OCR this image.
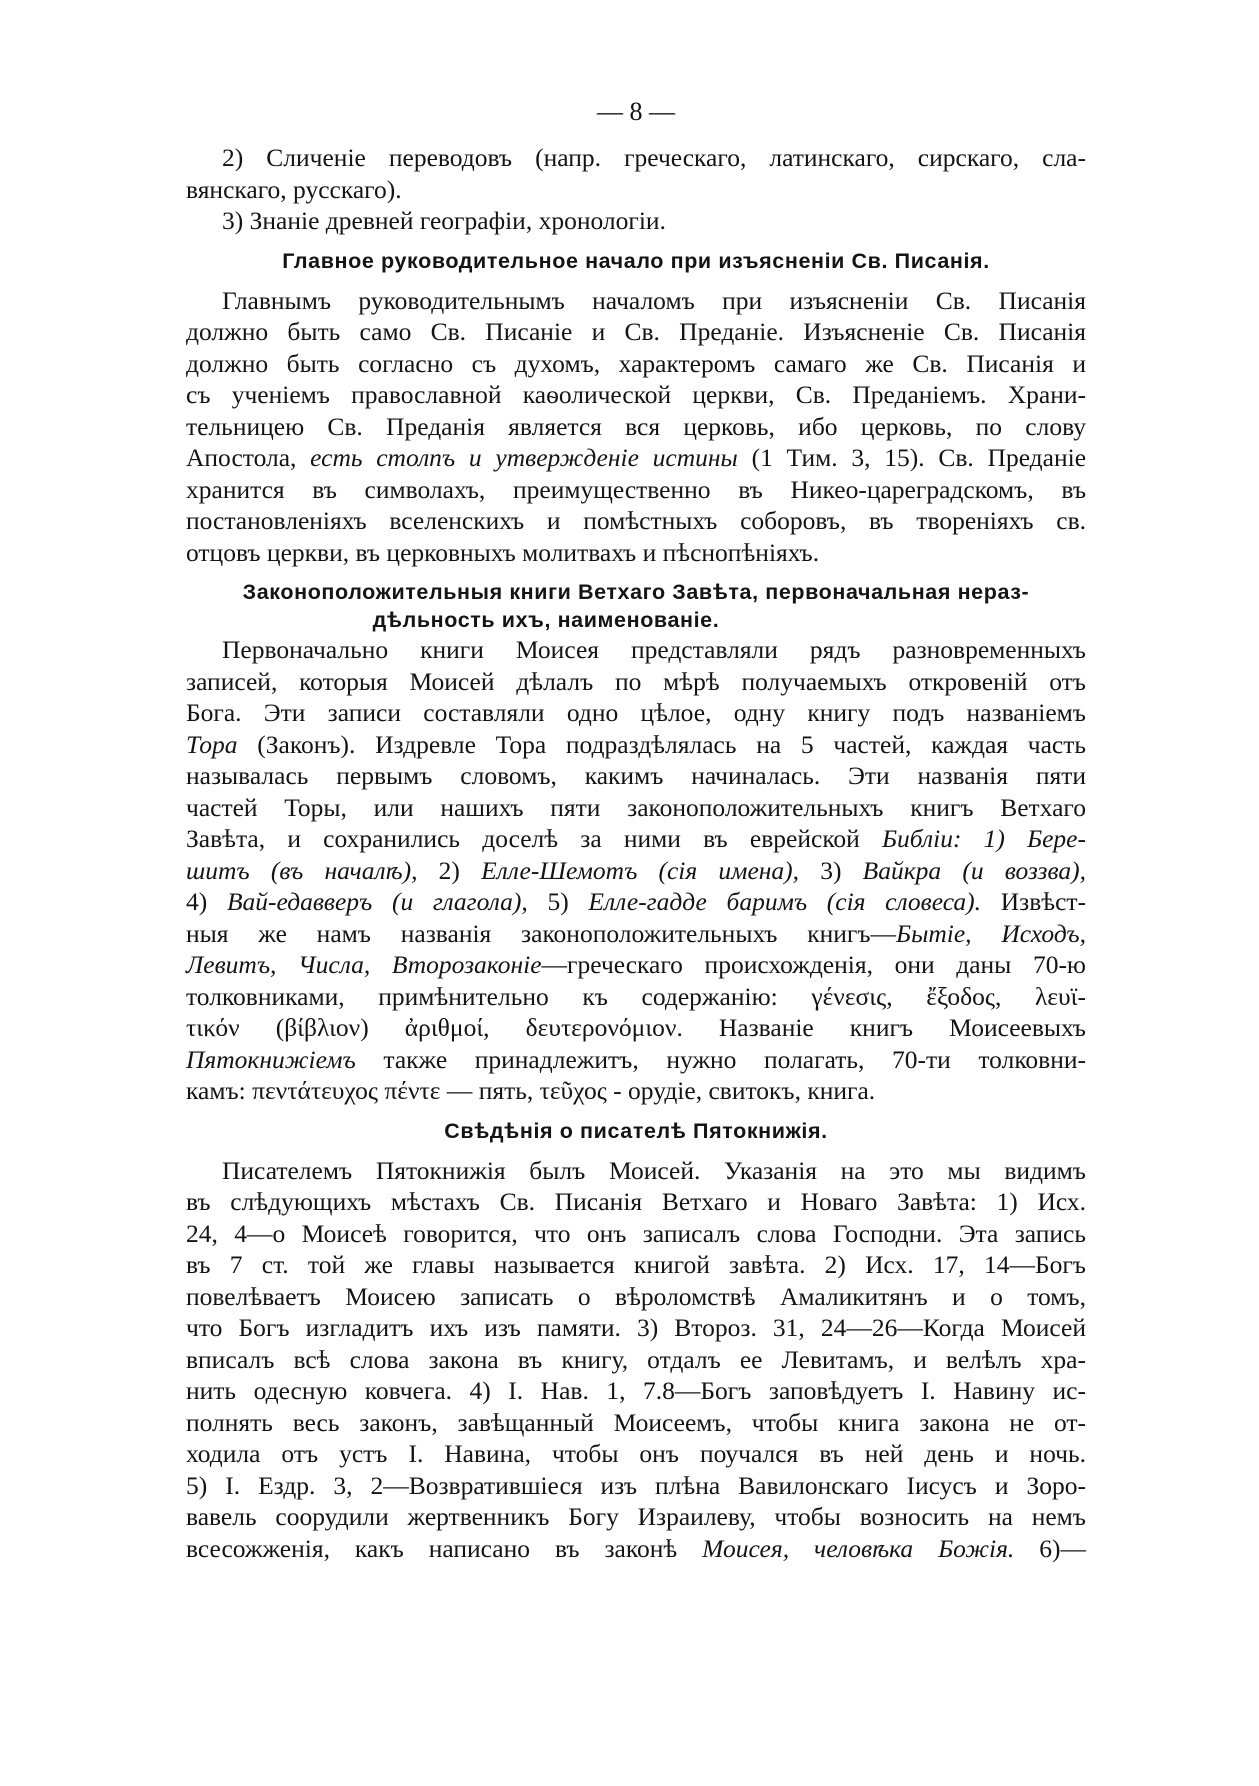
— 8 —
2) Сличеніе переводовъ (напр. греческаго, латинскаго, сирскаго, сла-
вянскаго, русскаго).
3) Знаніе древней географіи, хронологіи.
Главное руководительное начало при изъясненіи Св. Писанія.
Главнымъ руководительнымъ началомъ при изъясненіи Св. Писанія
должно быть само Св. Писаніе и Св. Преданіе. Изъясненіе Св. Писанія
должно быть согласно съ духомъ, характеромъ самаго же Св. Писанія и
съ ученіемъ православной каѳолической церкви, Св. Преданіемъ. Храни-
тельницею Св. Преданія является вся церковь, ибо церковь, по слову
Апостола, есть столпъ и утвержденіе истины (1 Тим. 3, 15). Св. Преданіе
хранится въ символахъ, преимущественно въ Никео-цареградскомъ, въ
постановленіяхъ вселенскихъ и помѣстныхъ соборовъ, въ твореніяхъ св.
отцовъ церкви, въ церковныхъ молитвахъ и пѣснопѣніяхъ.
Законоположительныя книги Ветхаго Завѣта, первоначальная нераз-
дѣльность ихъ, наименованіе.
Первоначально книги Моисея представляли рядъ разновременныхъ
записей, которыя Моисей дѣлалъ по мѣрѣ получаемыхъ откровеній отъ
Бога. Эти записи составляли одно цѣлое, одну книгу подъ названіемъ
Тора (Законъ). Издревле Тора подраздѣлялась на 5 частей, каждая часть
называлась первымъ словомъ, какимъ начиналась. Эти названія пяти
частей Торы, или нашихъ пяти законоположительныхъ книгъ Ветхаго
Завѣта, и сохранились доселѣ за ними въ еврейской Библіи: 1) Бере-
шитъ (въ началѣ), 2) Елле-Шемотъ (сія имена), 3) Вайкра (и воззва),
4) Вай-едавверъ (и глагола), 5) Елле-гадде баримъ (сія словеса). Извѣст-
ныя же намъ названія законоположительныхъ книгъ—Бытіе, Исходъ,
Левитъ, Числа, Второзаконіе—греческаго происхожденія, они даны 70-ю
толковниками, примѣнительно къ содержанію: γένεσις, ἔξοδος, λευϊ-
τικόν (βίβλιον) ἀριθμοί, δευτερονόμιον. Названіе книгъ Моисеевыхъ
Пятокнижіемъ также принадлежитъ, нужно полагать, 70-ти толковни-
камъ: πεντάτευχος πέντε — пять, τεῦχος - орудіе, свитокъ, книга.
Свѣдѣнія о писателѣ Пятокнижія.
Писателемъ Пятокнижія былъ Моисей. Указанія на это мы видимъ
въ слѣдующихъ мѣстахъ Св. Писанія Ветхаго и Новаго Завѣта: 1) Исх.
24, 4—о Моисеѣ говорится, что онъ записалъ слова Господни. Эта запись
въ 7 ст. той же главы называется книгой завѣта. 2) Исх. 17, 14—Богъ
повелѣваетъ Моисею записать о вѣроломствѣ Амаликитянъ и о томъ,
что Богъ изгладитъ ихъ изъ памяти. 3) Второз. 31, 24—26—Когда Моисей
вписалъ всѣ слова закона въ книгу, отдалъ ее Левитамъ, и велѣлъ хра-
нить одесную ковчега. 4) І. Нав. 1, 7.8—Богъ заповѣдуетъ І. Навину ис-
полнять весь законъ, завѣщанный Моисеемъ, чтобы книга закона не от-
ходила отъ устъ І. Навина, чтобы онъ поучался въ ней день и ночь.
5) І. Ездр. 3, 2—Возвратившіеся изъ плѣна Вавилонскаго Іисусъ и Зоро-
вавель соорудили жертвенникъ Богу Израилеву, чтобы возносить на немъ
всесожженія, какъ написано въ законѣ Моисея, человѣка Божія. 6)—
